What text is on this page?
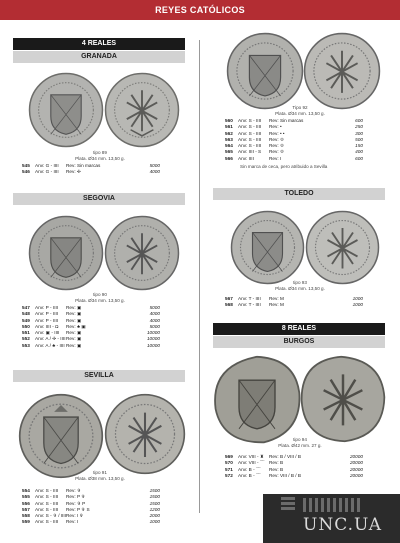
REYES CATÓLICOS
4 REALES
GRANADA
tipo 89
Plata. Ø34 mm. 13,50 g.
545	Anv: G - IIII	Rev: Sin marcas	5000
546	Anv: G - IIII	Rev: ✣	4000
SEGOVIA
tipo 90
Plata. Ø34 mm. 13,50 g.
547	Anv: P - IIII	Rev: ▣	5000
548	Anv: P - IIII	Rev: ▣	4000
549	Anv: P - IIII	Rev: ▣	4000
550	Anv: IIII - Ω	Rev: ♣ ▣	5000
551	Anv: ▣ - IIII	Rev: ▣	10000
552	Anv: A / ✣ - IIII Rev: ▣	10000
553	Anv: A / ♣ - IIII Rev: ▣	10000
SEVILLA
tipo 91
Plata. Ø38 mm. 13,50 g.
554	Anv: S - IIII	Rev: ✞	1500
555	Anv: S - IIII	Rev: P ✞	1500
556	Anv: S - IIII	Rev: ✞ P	1500
557	Anv: S - IIII	Rev: P ✞ S	1200
558	Anv: S - ✞ / IIII Rev: I ✞	2000
559	Anv: S - IIII	Rev: I	1000
Tipo 92
Plata. Ø34 mm. 13,50 g.
560	Anv: S - IIII	Rev: Sin marcas	600
561	Anv: S - IIII	Rev: •	250
562	Anv: S - IIII	Rev: • •	300
563	Anv: S - IIII	Rev: ♔	500
564	Anv: S - IIII	Rev: ♔	150
565	Anv: IIII - S	Rev: ♔	400
566	Anv: IIII	Rev: I	600
Sin marca de ceca, pero atribuido a Sevilla
TOLEDO
tipo 93
Plata. Ø34 mm. 13,50 g.
567	Anv: T - IIII	Rev: M	1000
568	Anv: T - IIII	Rev: M	1000
8 REALES
BURGOS
tipo 94
Plata. Ø42 mm. 27 g.
569	Anv: VIII - ♜	Rev: B / VIII / B	20000
570	Anv: VIII - ⌒ Rev: B	20000
571	Anv: B - ⌒	Rev: B	20000
572	Anv: B - ⌒	Rev: VIII / B / B	20000
UNC.UA
